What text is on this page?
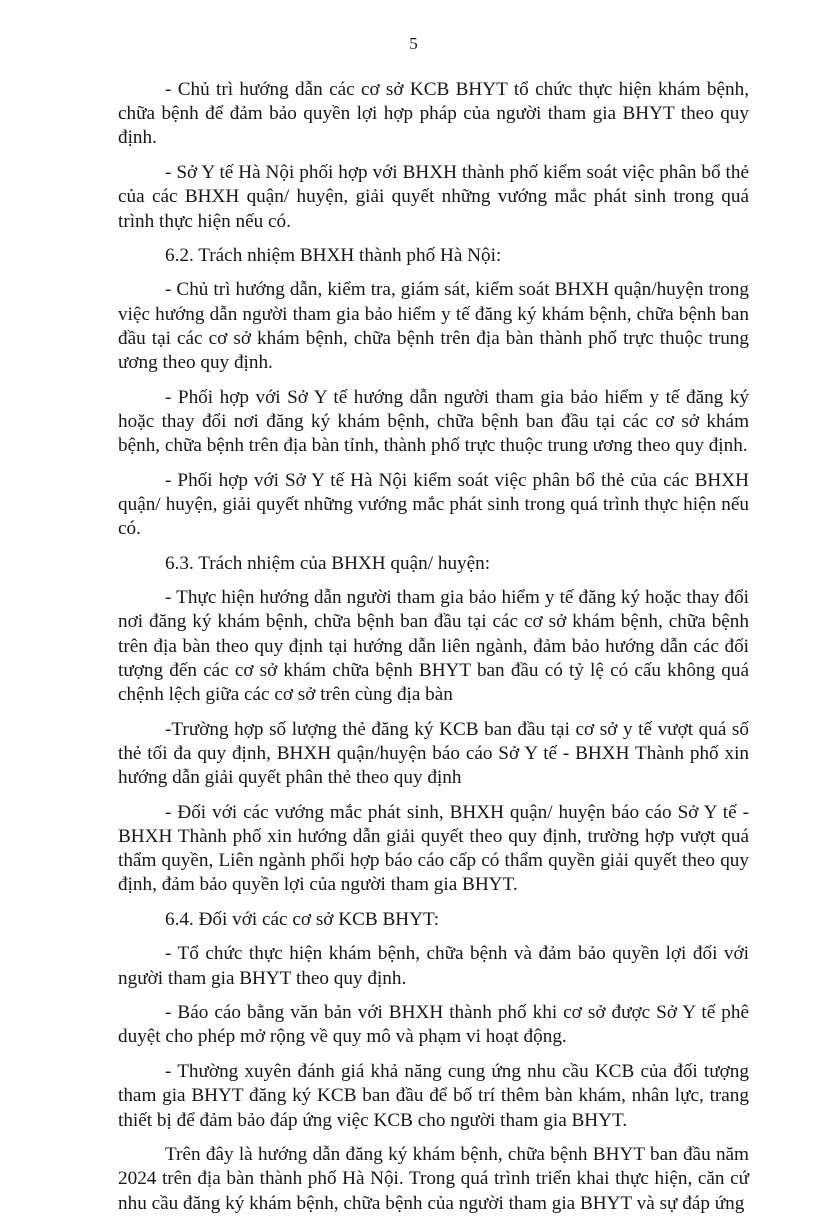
5

- Chủ trì hướng dẫn các cơ sở KCB BHYT tổ chức thực hiện khám bệnh, chữa bệnh để đảm bảo quyền lợi hợp pháp của người tham gia BHYT theo quy định.

- Sở Y tế Hà Nội phối hợp với BHXH thành phố kiểm soát việc phân bổ thẻ của các BHXH quận/ huyện, giải quyết những vướng mắc phát sinh trong quá trình thực hiện nếu có.

6.2. Trách nhiệm BHXH thành phố Hà Nội:

- Chủ trì hướng dẫn, kiểm tra, giám sát, kiểm soát BHXH quận/huyện trong việc hướng dẫn người tham gia bảo hiểm y tế đăng ký khám bệnh, chữa bệnh ban đầu tại các cơ sở khám bệnh, chữa bệnh trên địa bàn thành phố trực thuộc trung ương theo quy định.

- Phối hợp với Sở Y tế hướng dẫn người tham gia bảo hiểm y tế đăng ký hoặc thay đổi nơi đăng ký khám bệnh, chữa bệnh ban đầu tại các cơ sở khám bệnh, chữa bệnh trên địa bàn tỉnh, thành phố trực thuộc trung ương theo quy định.

- Phối hợp với Sở Y tế Hà Nội kiểm soát việc phân bổ thẻ của các BHXH quận/ huyện, giải quyết những vướng mắc phát sinh trong quá trình thực hiện nếu có.

6.3. Trách nhiệm của BHXH quận/ huyện:

- Thực hiện hướng dẫn người tham gia bảo hiểm y tế đăng ký hoặc thay đổi nơi đăng ký khám bệnh, chữa bệnh ban đầu tại các cơ sở khám bệnh, chữa bệnh trên địa bàn theo quy định tại hướng dẫn liên ngành, đảm bảo hướng dẫn các đối tượng đến các cơ sở khám chữa bệnh BHYT ban đầu có tỷ lệ có cấu không quá chệnh lệch giữa các cơ sở trên cùng địa bàn

-Trường hợp số lượng thẻ đăng ký KCB ban đầu tại cơ sở y tế vượt quá số thẻ tối đa quy định, BHXH quận/huyện báo cáo Sở Y tế - BHXH Thành phố xin hướng dẫn giải quyết phân thẻ theo quy định

- Đối với các vướng mắc phát sinh, BHXH quận/ huyện báo cáo Sở Y tế - BHXH Thành phố xin hướng dẫn giải quyết theo quy định, trường hợp vượt quá thẩm quyền, Liên ngành phối hợp báo cáo cấp có thẩm quyền giải quyết theo quy định, đảm bảo quyền lợi của người tham gia BHYT.

6.4. Đối với các cơ sở KCB BHYT:

- Tổ chức thực hiện khám bệnh, chữa bệnh và đảm bảo quyền lợi đối với người tham gia BHYT theo quy định.

- Báo cáo bằng văn bản với BHXH thành phố khi cơ sở được Sở Y tế phê duyệt cho phép mở rộng về quy mô và phạm vi hoạt động.

- Thường xuyên đánh giá khả năng cung ứng nhu cầu KCB của đối tượng tham gia BHYT đăng ký KCB ban đầu để bố trí thêm bàn khám, nhân lực, trang thiết bị để đảm bảo đáp ứng việc KCB cho người tham gia BHYT.

Trên đây là hướng dẫn đăng ký khám bệnh, chữa bệnh BHYT ban đầu năm 2024 trên địa bàn thành phố Hà Nội. Trong quá trình triển khai thực hiện, căn cứ nhu cầu đăng ký khám bệnh, chữa bệnh của người tham gia BHYT và sự đáp ứng
